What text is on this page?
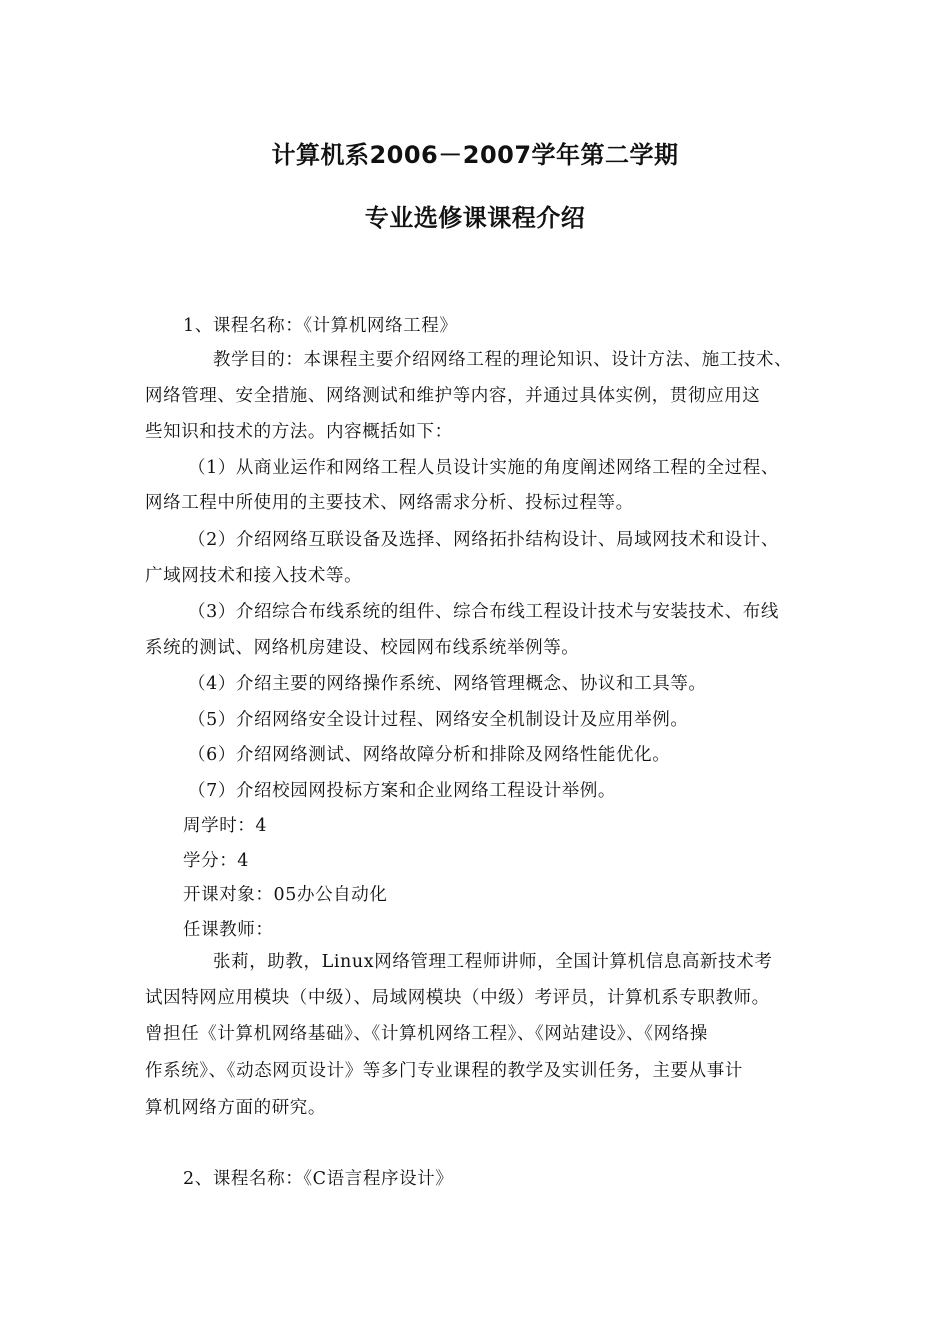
计算机系2006－2007学年第二学期
专业选修课课程介绍
1、课程名称：《计算机网络工程》
教学目的：本课程主要介绍网络工程的理论知识、设计方法、施工技术、
网络管理、安全措施、网络测试和维护等内容，并通过具体实例，贯彻应用这
些知识和技术的方法。内容概括如下：
（1）从商业运作和网络工程人员设计实施的角度阐述网络工程的全过程、
网络工程中所使用的主要技术、网络需求分析、投标过程等。
（2）介绍网络互联设备及选择、网络拓扑结构设计、局域网技术和设计、
广域网技术和接入技术等。
（3）介绍综合布线系统的组件、综合布线工程设计技术与安装技术、布线
系统的测试、网络机房建设、校园网布线系统举例等。
（4）介绍主要的网络操作系统、网络管理概念、协议和工具等。
（5）介绍网络安全设计过程、网络安全机制设计及应用举例。
（6）介绍网络测试、网络故障分析和排除及网络性能优化。
（7）介绍校园网投标方案和企业网络工程设计举例。
周学时：4
学分：4
开课对象：05办公自动化
任课教师：
张莉，助教，Linux网络管理工程师讲师，全国计算机信息高新技术考
试因特网应用模块（中级）、局域网模块（中级）考评员，计算机系专职教师。
曾担任《计算机网络基础》、《计算机网络工程》、《网站建设》、《网络操
作系统》、《动态网页设计》等多门专业课程的教学及实训任务，主要从事计
算机网络方面的研究。
2、课程名称：《C语言程序设计》
